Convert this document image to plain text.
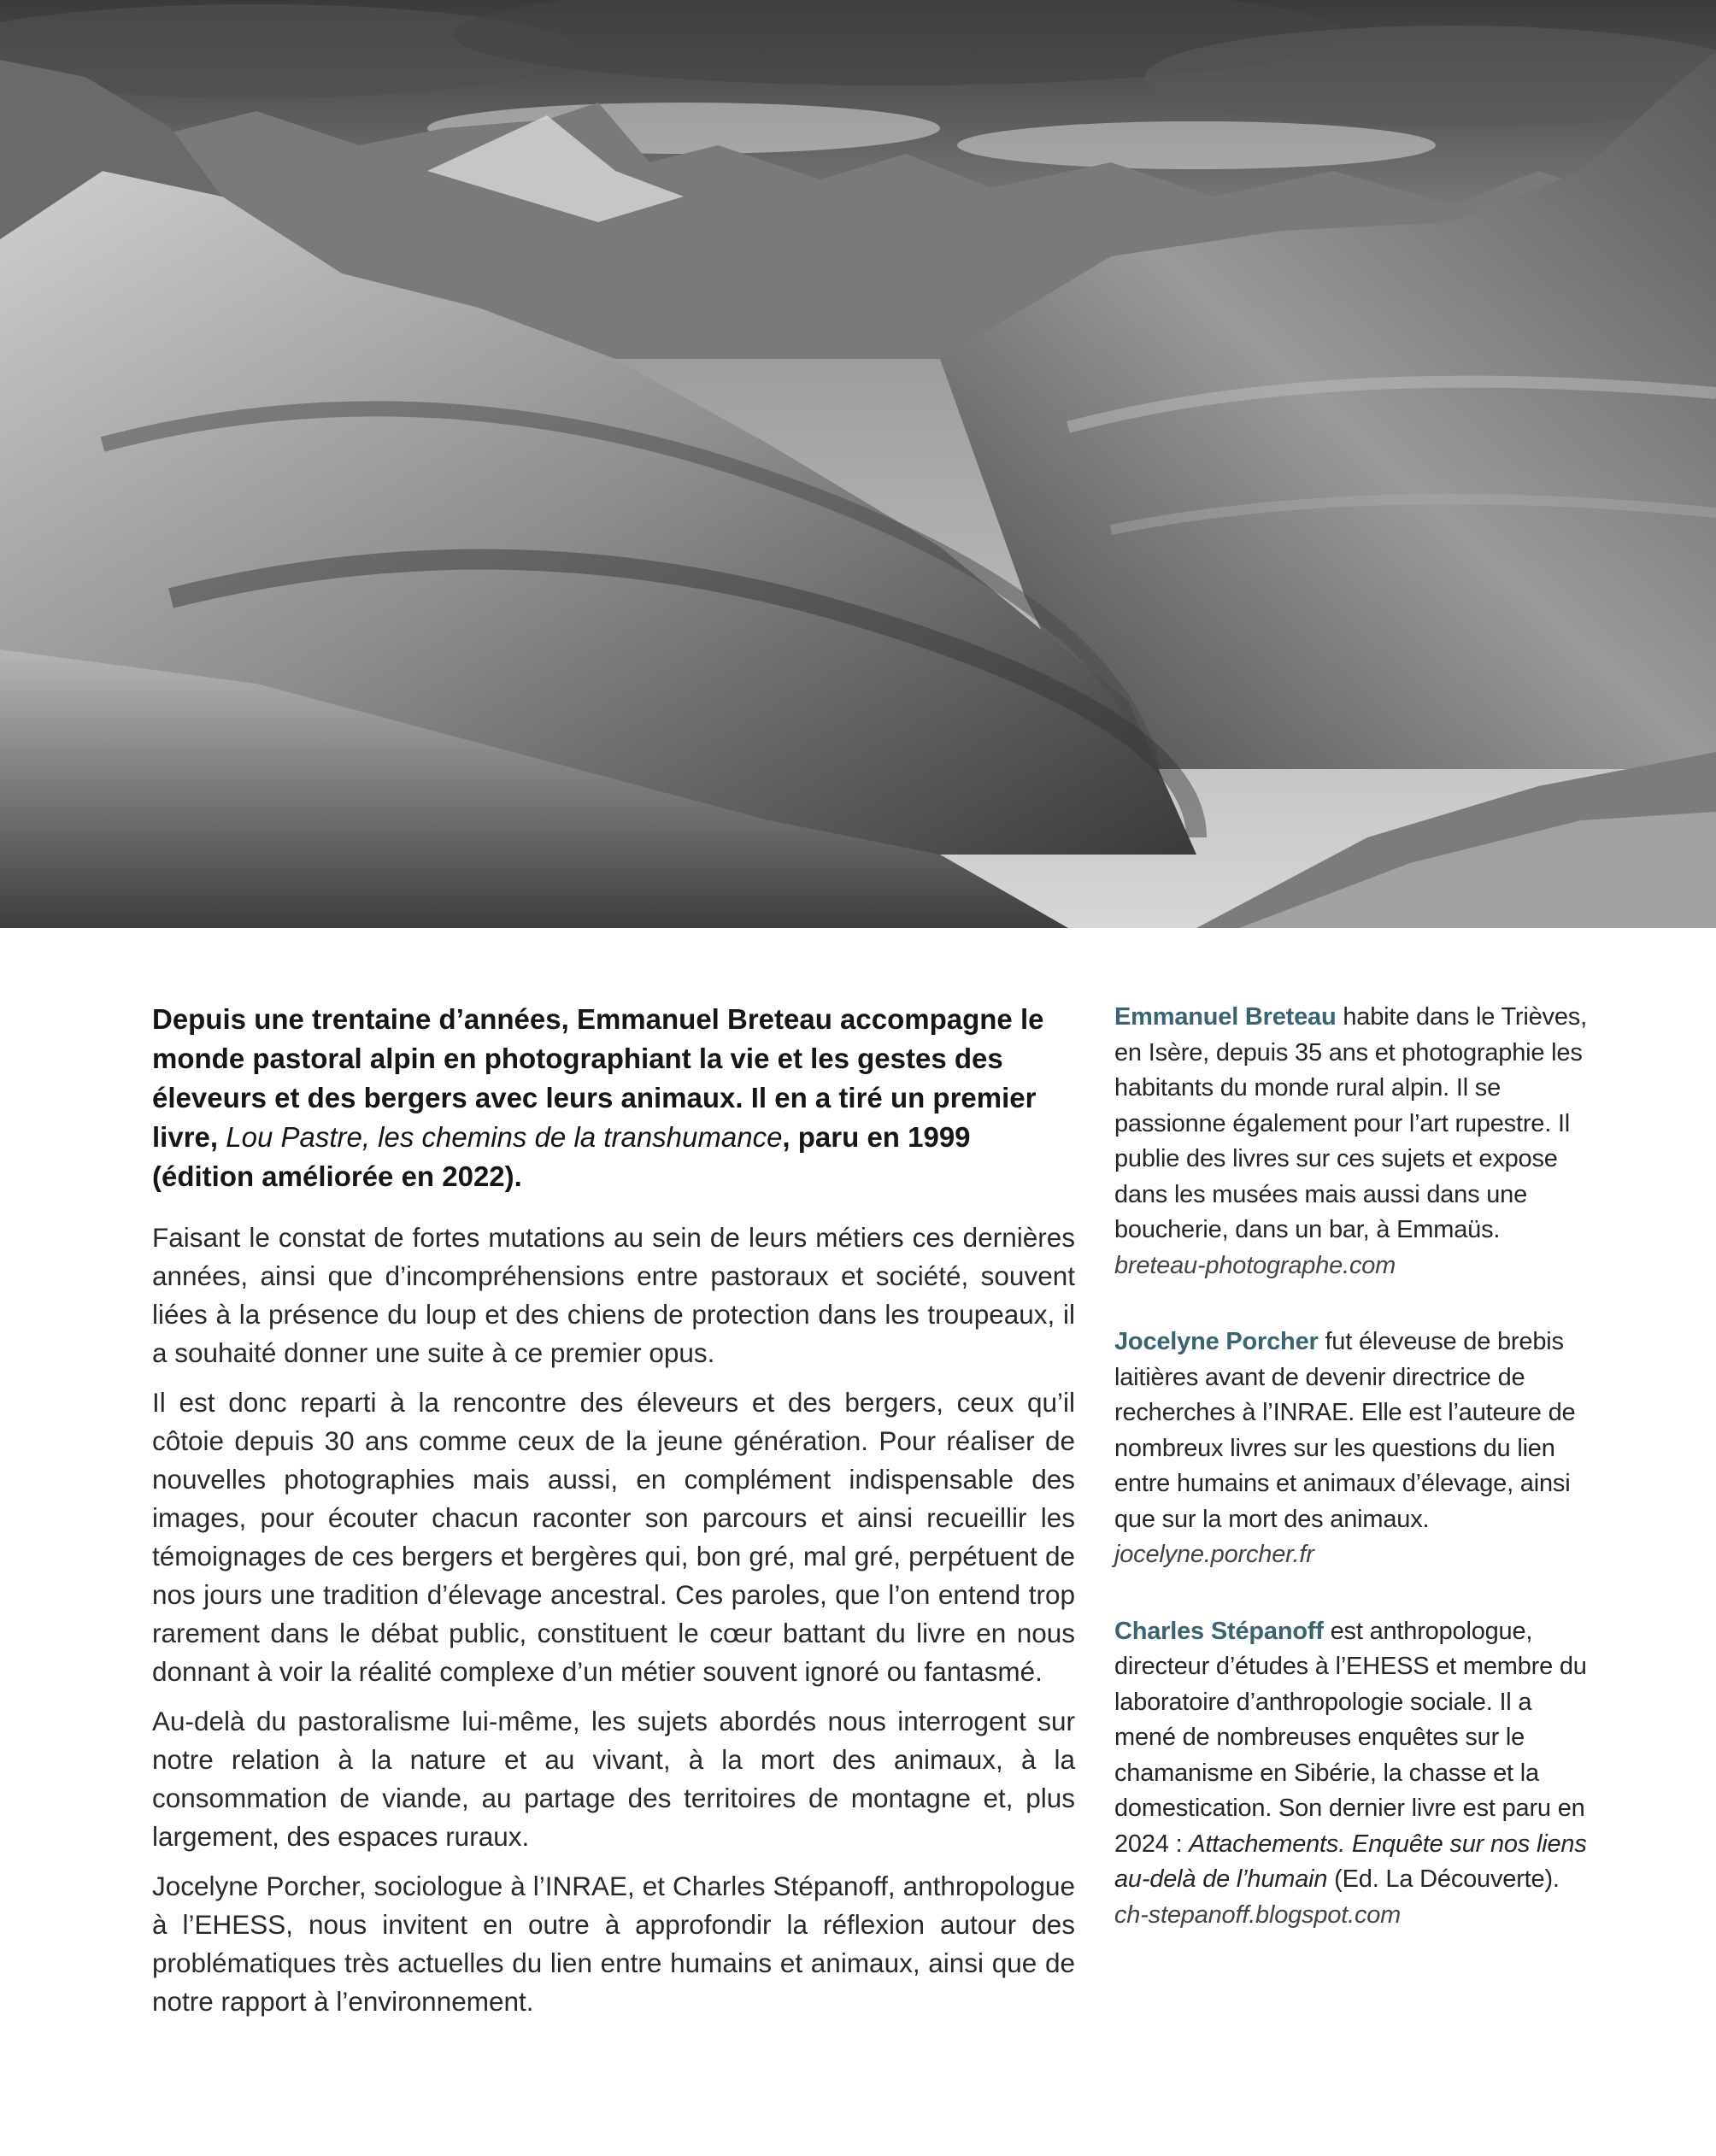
Depuis une trentaine d’années, Emmanuel Breteau accompagne le monde pastoral alpin en photographiant la vie et les gestes des éleveurs et des bergers avec leurs animaux. Il en a tiré un premier livre, Lou Pastre, les chemins de la transhumance, paru en 1999 (édition améliorée en 2022).

Faisant le constat de fortes mutations au sein de leurs métiers ces dernières années, ainsi que d’incompréhensions entre pastoraux et société, souvent liées à la présence du loup et des chiens de protection dans les troupeaux, il a souhaité donner une suite à ce premier opus.

Il est donc reparti à la rencontre des éleveurs et des bergers, ceux qu’il côtoie depuis 30 ans comme ceux de la jeune génération. Pour réaliser de nouvelles photographies mais aussi, en complément indispensable des images, pour écouter chacun raconter son parcours et ainsi recueillir les témoignages de ces bergers et bergères qui, bon gré, mal gré, perpétuent de nos jours une tradition d’élevage ancestral. Ces paroles, que l’on entend trop rarement dans le débat public, constituent le cœur battant du livre en nous donnant à voir la réalité complexe d’un métier souvent ignoré ou fantasmé.

Au-delà du pastoralisme lui-même, les sujets abordés nous interrogent sur notre relation à la nature et au vivant, à la mort des animaux, à la consommation de viande, au partage des territoires de montagne et, plus largement, des espaces ruraux.

Jocelyne Porcher, sociologue à l’INRAE, et Charles Stépanoff, anthropologue à l’EHESS, nous invitent en outre à approfondir la réflexion autour des problématiques très actuelles du lien entre humains et animaux, ainsi que de notre rapport à l’environnement.

Emmanuel Breteau habite dans le Trièves, en Isère, depuis 35 ans et photographie les habitants du monde rural alpin. Il se passionne également pour l’art rupestre. Il publie des livres sur ces sujets et expose dans les musées mais aussi dans une boucherie, dans un bar, à Emmaüs.
breteau-photographe.com

Jocelyne Porcher fut éleveuse de brebis laitières avant de devenir directrice de recherches à l’INRAE. Elle est l’auteure de nombreux livres sur les questions du lien entre humains et animaux d’élevage, ainsi que sur la mort des animaux.
jocelyne.porcher.fr

Charles Stépanoff est anthropologue, directeur d’études à l’EHESS et membre du laboratoire d’anthropologie sociale. Il a mené de nombreuses enquêtes sur le chamanisme en Sibérie, la chasse et la domestication. Son dernier livre est paru en 2024 : Attachements. Enquête sur nos liens au-delà de l’humain (Ed. La Découverte).
ch-stepanoff.blogspot.com
